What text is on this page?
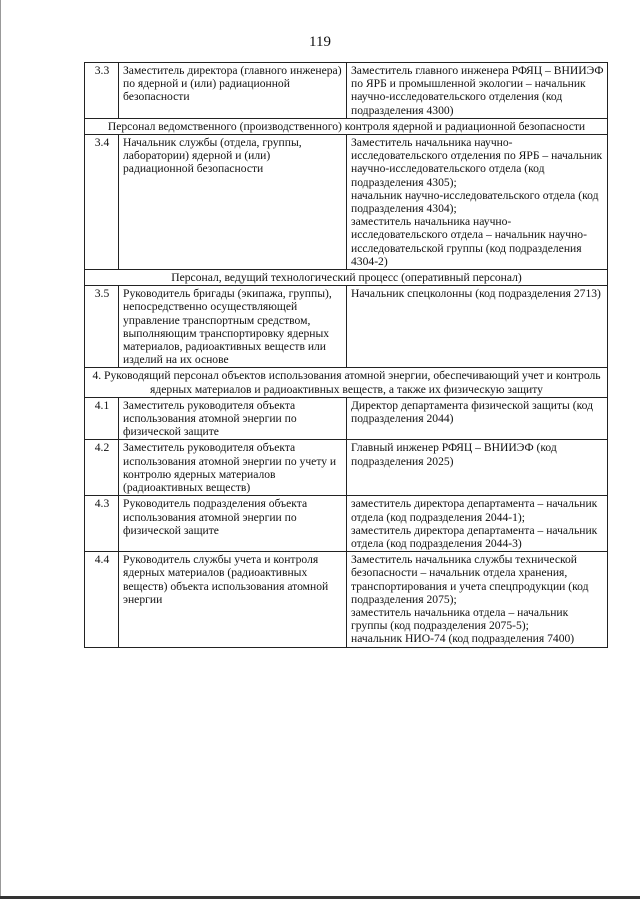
119
3.3	Заместитель директора (главного инженера) по ядерной и (или) радиационной безопасности	Заместитель главного инженера РФЯЦ – ВНИИЭФ по ЯРБ и промышленной экологии – начальник научно-исследовательского отделения (код подразделения 4300)
Персонал ведомственного (производственного) контроля ядерной и радиационной безопасности		
3.4	Начальник службы (отдела, группы, лаборатории) ядерной и (или) радиационной безопасности	Заместитель начальника научно-исследовательского отделения по ЯРБ – начальник научно-исследовательского отдела (код подразделения 4305);
начальник научно-исследовательского отдела (код подразделения 4304);
заместитель начальника научно-исследовательского отдела – начальник научно-исследовательской группы (код подразделения 4304-2)
Персонал, ведущий технологический процесс (оперативный персонал)		
3.5	Руководитель бригады (экипажа, группы), непосредственно осуществляющей управление транспортным средством, выполняющим транспортировку ядерных материалов, радиоактивных веществ или изделий на их основе	Начальник спецколонны (код подразделения 2713)
4. Руководящий персонал объектов использования атомной энергии, обеспечивающий учет и контроль ядерных материалов и радиоактивных веществ, а также их физическую защиту		
4.1	Заместитель руководителя объекта использования атомной энергии по физической защите	Директор департамента физической защиты (код подразделения 2044)
4.2	Заместитель руководителя объекта использования атомной энергии по учету и контролю ядерных материалов (радиоактивных веществ)	Главный инженер РФЯЦ – ВНИИЭФ (код подразделения 2025)
4.3	Руководитель подразделения объекта использования атомной энергии по физической защите	заместитель директора департамента – начальник отдела (код подразделения 2044-1);
заместитель директора департамента – начальник отдела (код подразделения 2044-3)
4.4	Руководитель службы учета и контроля ядерных материалов (радиоактивных веществ) объекта использования атомной энергии	Заместитель начальника службы технической безопасности – начальник отдела хранения, транспортирования и учета спецпродукции (код подразделения 2075);
заместитель начальника отдела – начальник группы (код подразделения 2075-5);
начальник НИО-74 (код подразделения 7400)
